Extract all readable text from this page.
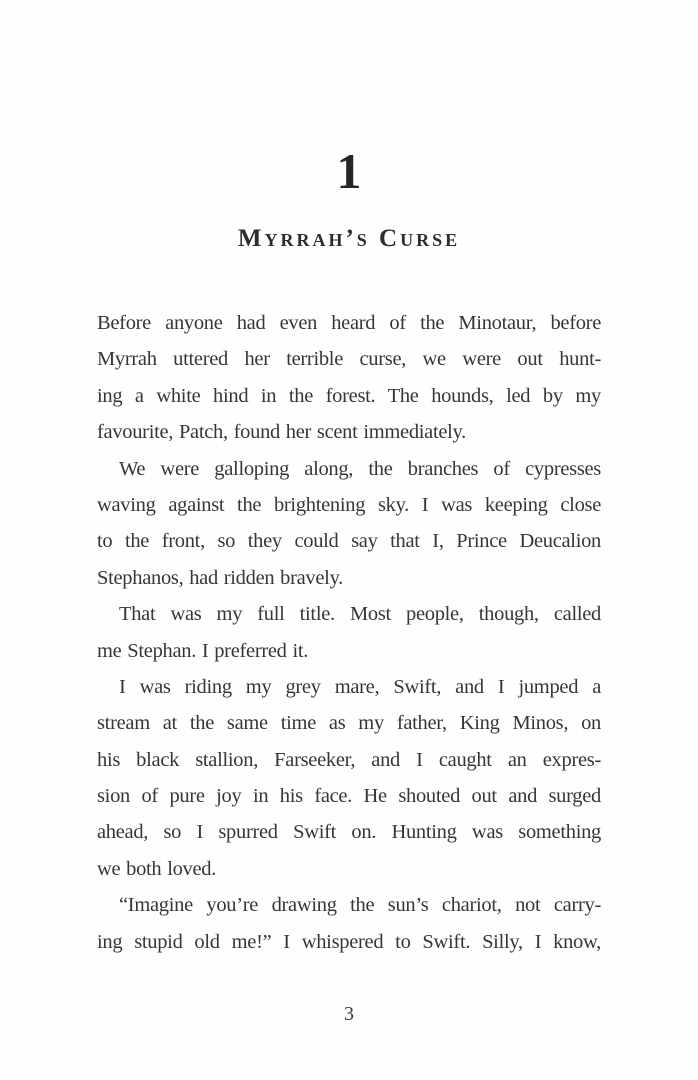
1
Myrrah’s Curse
Before anyone had even heard of the Minotaur, before
Myrrah uttered her terrible curse, we were out hunt-
ing a white hind in the forest. The hounds, led by my
favourite, Patch, found her scent immediately.
We were galloping along, the branches of cypresses
waving against the brightening sky. I was keeping close
to the front, so they could say that I, Prince Deucalion
Stephanos, had ridden bravely.
That was my full title. Most people, though, called
me Stephan. I preferred it.
I was riding my grey mare, Swift, and I jumped a
stream at the same time as my father, King Minos, on
his black stallion, Farseeker, and I caught an expres-
sion of pure joy in his face. He shouted out and surged
ahead, so I spurred Swift on. Hunting was something
we both loved.
“Imagine you’re drawing the sun’s chariot, not carry-
ing stupid old me!” I whispered to Swift. Silly, I know,
3
